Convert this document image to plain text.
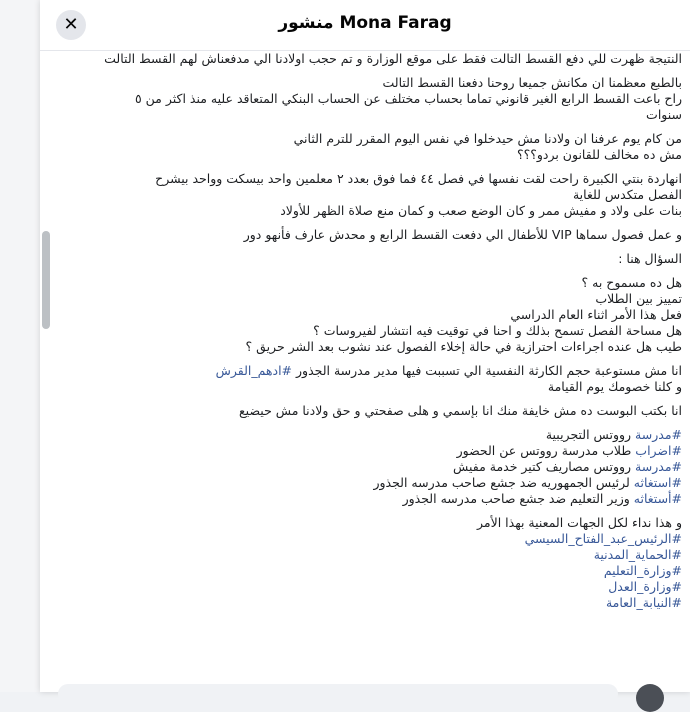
✕	منشور Mona Farag

النتيجة ظهرت للي دفع القسط التالت فقط على موقع الوزارة و تم حجب اولادنا الي مدفعناش لهم القسط التالت

بالطبع معظمنا ان مكانش جميعا روحنا دفعنا القسط التالت
راح باعت القسط الرابع الغير قانوني تماما بحساب مختلف عن الحساب البنكي المتعاقد عليه منذ اكثر من ٥
سنوات

من كام يوم عرفنا ان ولادنا مش حيدخلوا في نفس اليوم المقرر للترم الثاني
مش ده مخالف للقانون بردو؟؟؟

انهاردة بنتي الكبيرة راحت لقت نفسها في فصل ٤٤ فما فوق بعدد ٢ معلمين واحد بيسكت وواحد بيشرح
الفصل متكدس للغاية
بنات على ولاد و مفيش ممر و كان الوضع صعب و كمان منع صلاة الظهر للأولاد

و عمل فصول سماها VIP للأطفال الي دفعت القسط الرابع و محدش عارف فأنهو دور

السؤال هنا :

هل ده مسموح به ؟
تمييز بين الطلاب
فعل هذا الأمر اثناء العام الدراسي
هل مساحة الفصل تسمح بذلك و احنا في توقيت فيه انتشار لفيروسات ؟
طيب هل عنده اجراءات احترازية في حالة إخلاء الفصول عند نشوب بعد الشر حريق ؟

انا مش مستوعبة حجم الكارثة النفسية الي تسببت فيها مدير مدرسة الجذور #ادهم_القرش
و كلنا خصومك يوم القيامة

انا بكتب البوست ده مش خايفة منك انا بإسمي و هلى صفحتي و حق ولادنا مش حيضيع

#مدرسة رووتس التجريبية
#اضراب طلاب مدرسة رووتس عن الحضور
#مدرسة رووتس مصاريف كتير خدمة مفيش
#استغاثه لرئيس الجمهوريه ضد جشع صاحب مدرسه الجذور
#أستغاثه وزير التعليم ضد جشع صاحب مدرسه الجذور

و هذا نداء لكل الجهات المعنية بهذا الأمر
#الرئيس_عبد_الفتاح_السيسي
#الحماية_المدنية
#وزارة_التعليم
#وزارة_العدل
#النيابة_العامة
